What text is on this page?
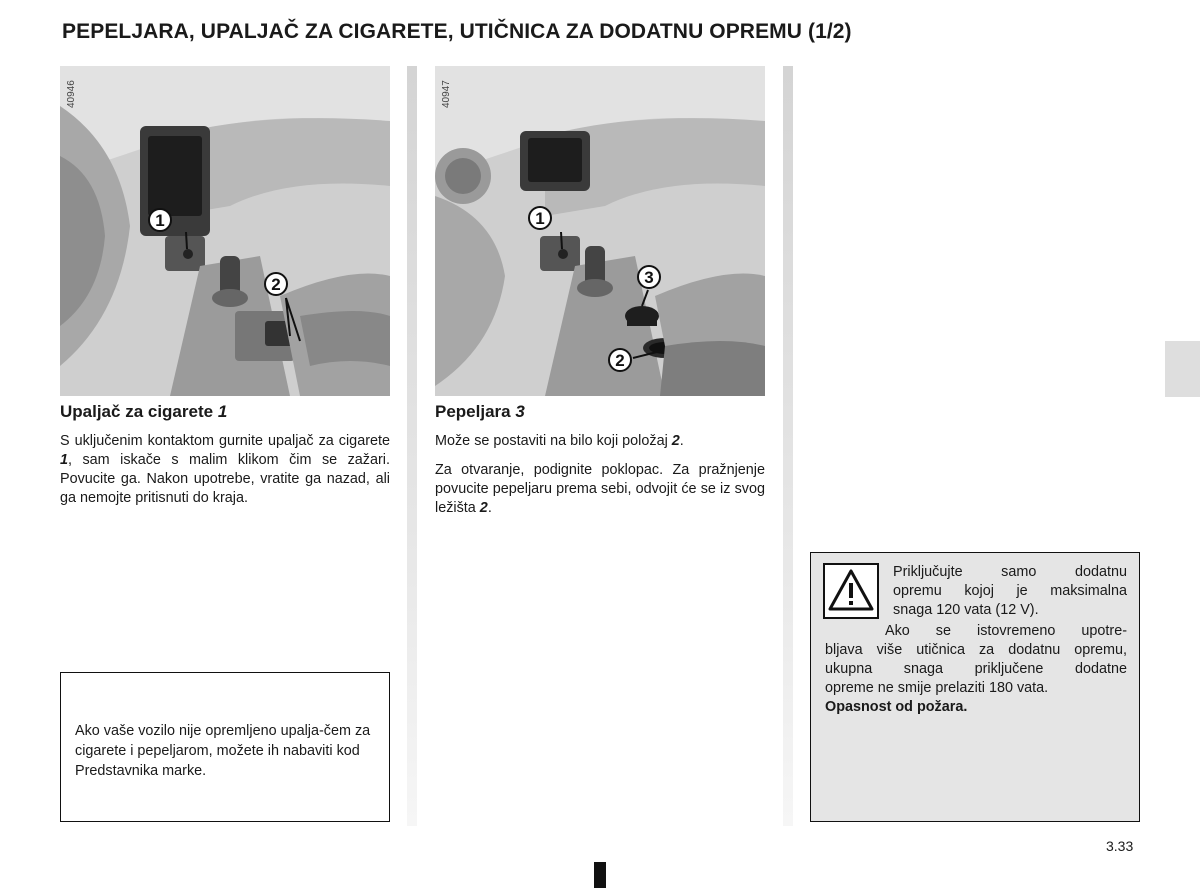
PEPELJARA, UPALJAČ ZA CIGARETE, UTIČNICA ZA DODATNU OPREMU (1/2)
40946
1
2
40947
1
3
2
Upaljač za cigarete 1

S uključenim kontaktom gurnite upaljač za cigarete 1, sam iskače s malim klikom čim se zažari. Povucite ga. Nakon upotrebe, vratite ga nazad, ali ga nemojte pritisnuti do kraja.

Ako vaše vozilo nije opremljeno upalja-čem za cigarete i pepeljarom, možete ih nabaviti kod Predstavnika marke.

Pepeljara 3

Može se postaviti na bilo koji položaj 2.

Za otvaranje, podignite poklopac. Za pražnjenje povucite pepeljaru prema sebi, odvojit će se iz svog ležišta 2.

Priključujte samo dodatnu

opremu kojoj je maksimalna

snaga 120 vata (12 V).

Ako se istovremeno upotre-

bljava više utičnica za dodatnu opremu,

ukupna snaga priključene dodatne

opreme ne smije prelaziti 180 vata.

Opasnost od požara.

3.33
